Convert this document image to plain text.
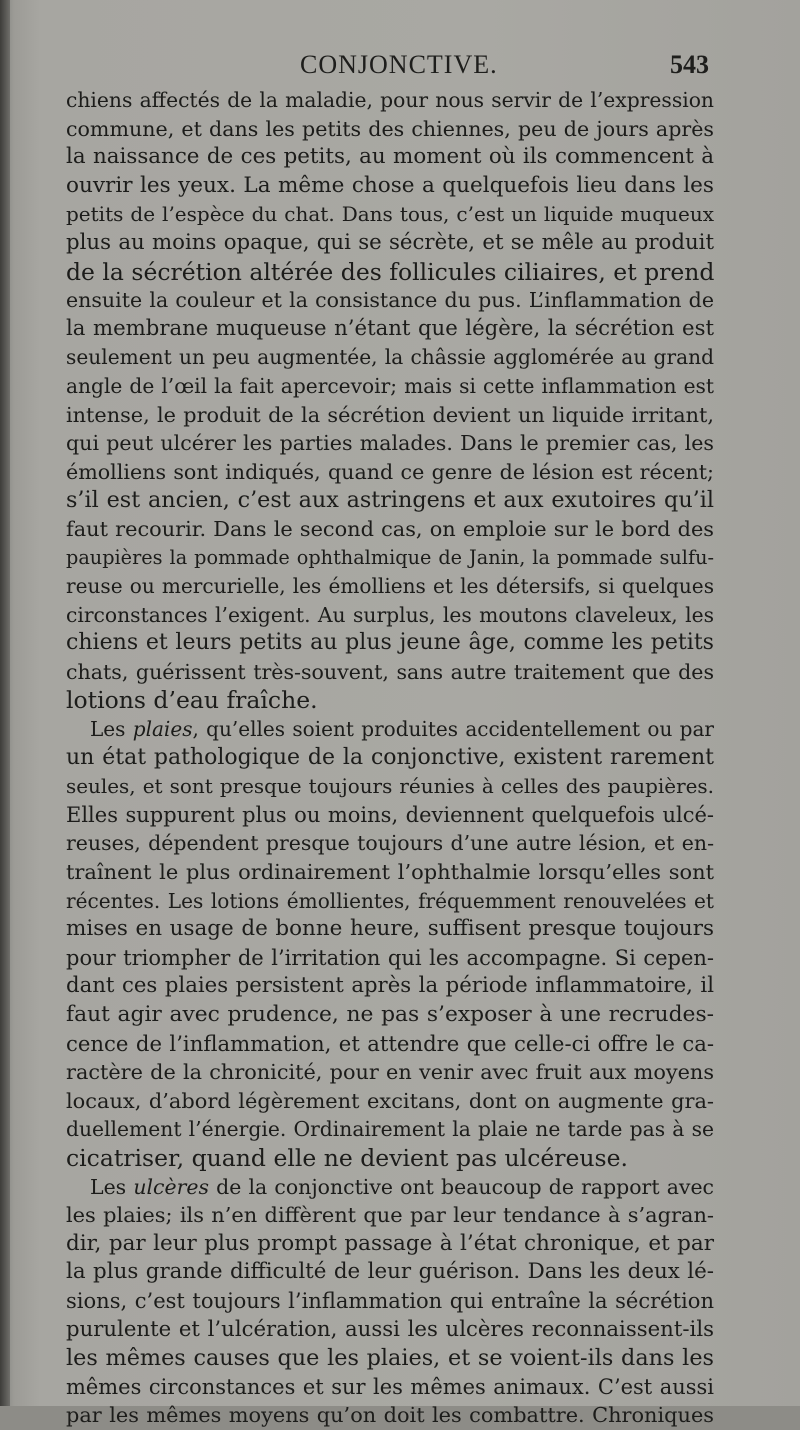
CONJONCTIVE.	543
chiens affectés de la maladie, pour nous servir de l’expression
commune, et dans les petits des chiennes, peu de jours après
la naissance de ces petits, au moment où ils commencent à
ouvrir les yeux. La même chose a quelquefois lieu dans les
petits de l’espèce du chat. Dans tous, c’est un liquide muqueux
plus au moins opaque, qui se sécrète, et se mêle au produit
de la sécrétion altérée des follicules ciliaires, et prend
ensuite la couleur et la consistance du pus. L’inflammation de
la membrane muqueuse n’étant que légère, la sécrétion est
seulement un peu augmentée, la châssie agglomérée au grand
angle de l’œil la fait apercevoir; mais si cette inflammation est
intense, le produit de la sécrétion devient un liquide irritant,
qui peut ulcérer les parties malades. Dans le premier cas, les
émolliens sont indiqués, quand ce genre de lésion est récent;
s’il est ancien, c’est aux astringens et aux exutoires qu’il
faut recourir. Dans le second cas, on emploie sur le bord des
paupières la pommade ophthalmique de Janin, la pommade sulfu-
reuse ou mercurielle, les émolliens et les détersifs, si quelques
circonstances l’exigent. Au surplus, les moutons claveleux, les
chiens et leurs petits au plus jeune âge, comme les petits
chats, guérissent très-souvent, sans autre traitement que des
lotions d’eau fraîche.
Les plaies, qu’elles soient produites accidentellement ou par
un état pathologique de la conjonctive, existent rarement
seules, et sont presque toujours réunies à celles des paupières.
Elles suppurent plus ou moins, deviennent quelquefois ulcé-
reuses, dépendent presque toujours d’une autre lésion, et en-
traînent le plus ordinairement l’ophthalmie lorsqu’elles sont
récentes. Les lotions émollientes, fréquemment renouvelées et
mises en usage de bonne heure, suffisent presque toujours
pour triompher de l’irritation qui les accompagne. Si cepen-
dant ces plaies persistent après la période inflammatoire, il
faut agir avec prudence, ne pas s’exposer à une recrudes-
cence de l’inflammation, et attendre que celle-ci offre le ca-
ractère de la chronicité, pour en venir avec fruit aux moyens
locaux, d’abord légèrement excitans, dont on augmente gra-
duellement l’énergie. Ordinairement la plaie ne tarde pas à se
cicatriser, quand elle ne devient pas ulcéreuse.
Les ulcères de la conjonctive ont beaucoup de rapport avec
les plaies; ils n’en diffèrent que par leur tendance à s’agran-
dir, par leur plus prompt passage à l’état chronique, et par
la plus grande difficulté de leur guérison. Dans les deux lé-
sions, c’est toujours l’inflammation qui entraîne la sécrétion
purulente et l’ulcération, aussi les ulcères reconnaissent-ils
les mêmes causes que les plaies, et se voient-ils dans les
mêmes circonstances et sur les mêmes animaux. C’est aussi
par les mêmes moyens qu’on doit les combattre. Chroniques
